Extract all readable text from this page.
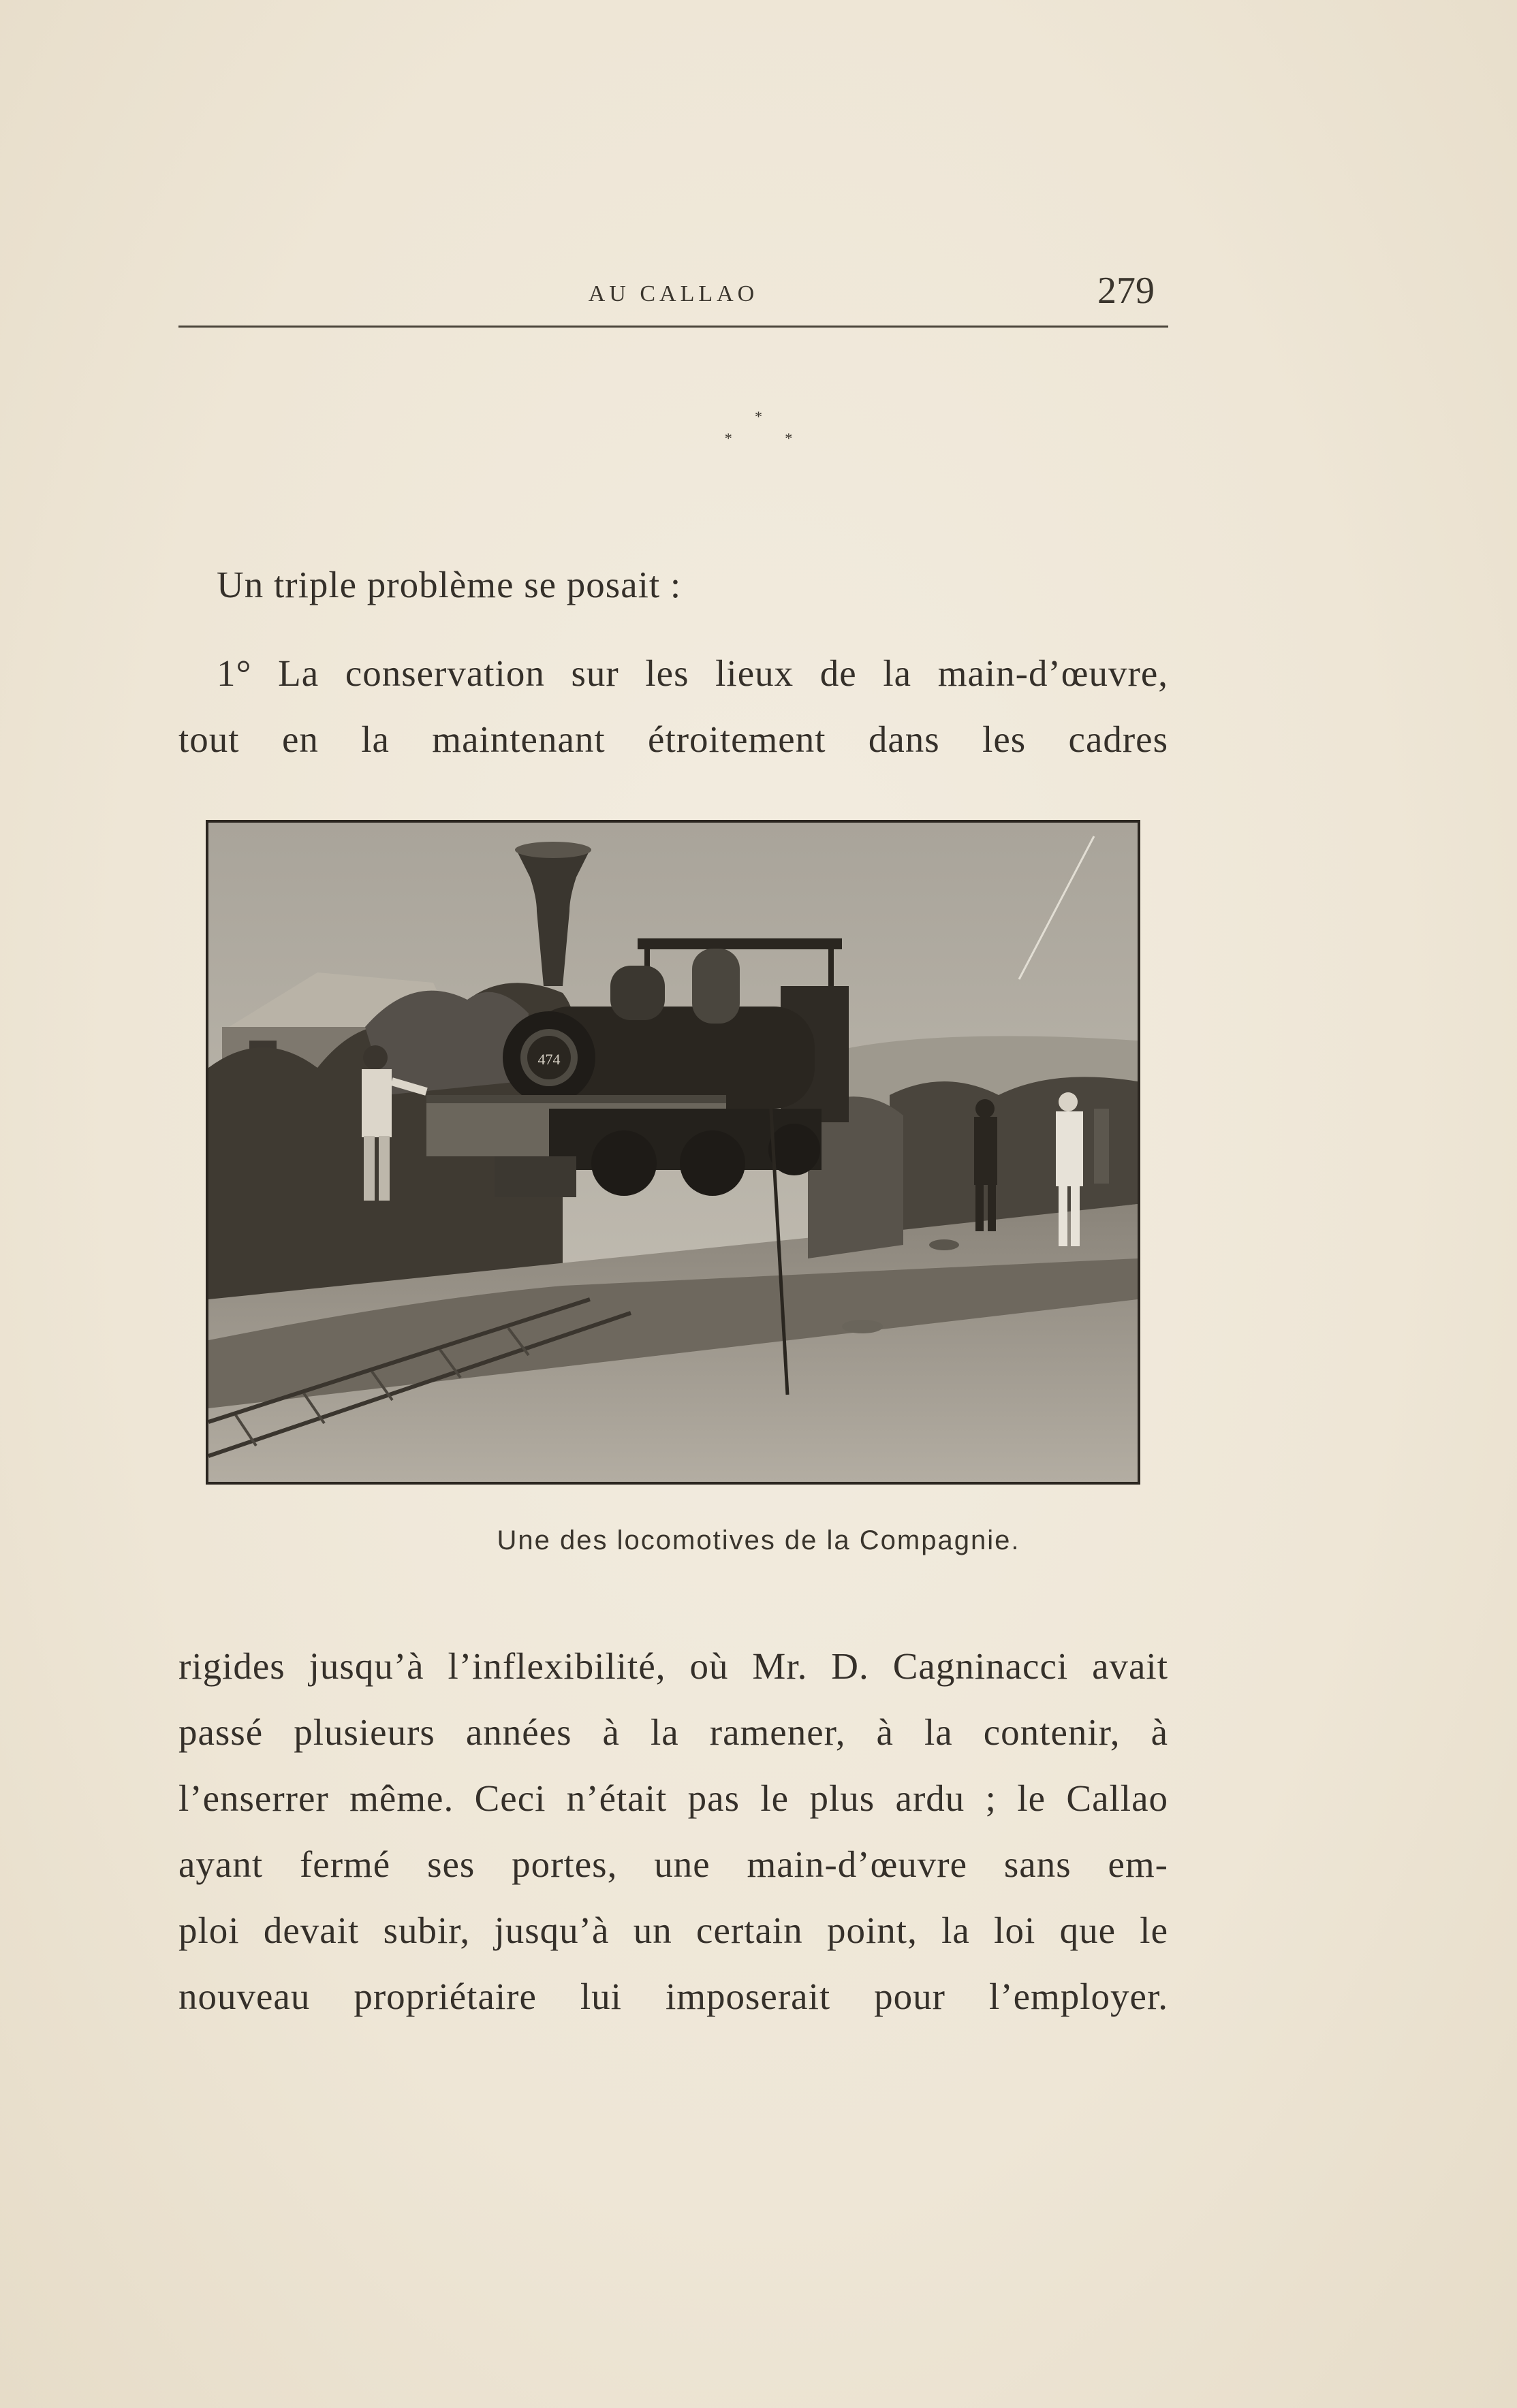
AU CALLAO	279
*
* *

Un triple problème se posait :

1° La conservation sur les lieux de la main-d’œuvre,
tout en la maintenant étroitement dans les cadres
474
Une des locomotives de la Compagnie.
rigides jusqu’à l’inflexibilité, où Mr. D. Cagninacci avait
passé plusieurs années à la ramener, à la contenir, à
l’enserrer même. Ceci n’était pas le plus ardu ; le Callao
ayant fermé ses portes, une main-d’œuvre sans em-
ploi devait subir, jusqu’à un certain point, la loi que le
nouveau propriétaire lui imposerait pour l’employer.
